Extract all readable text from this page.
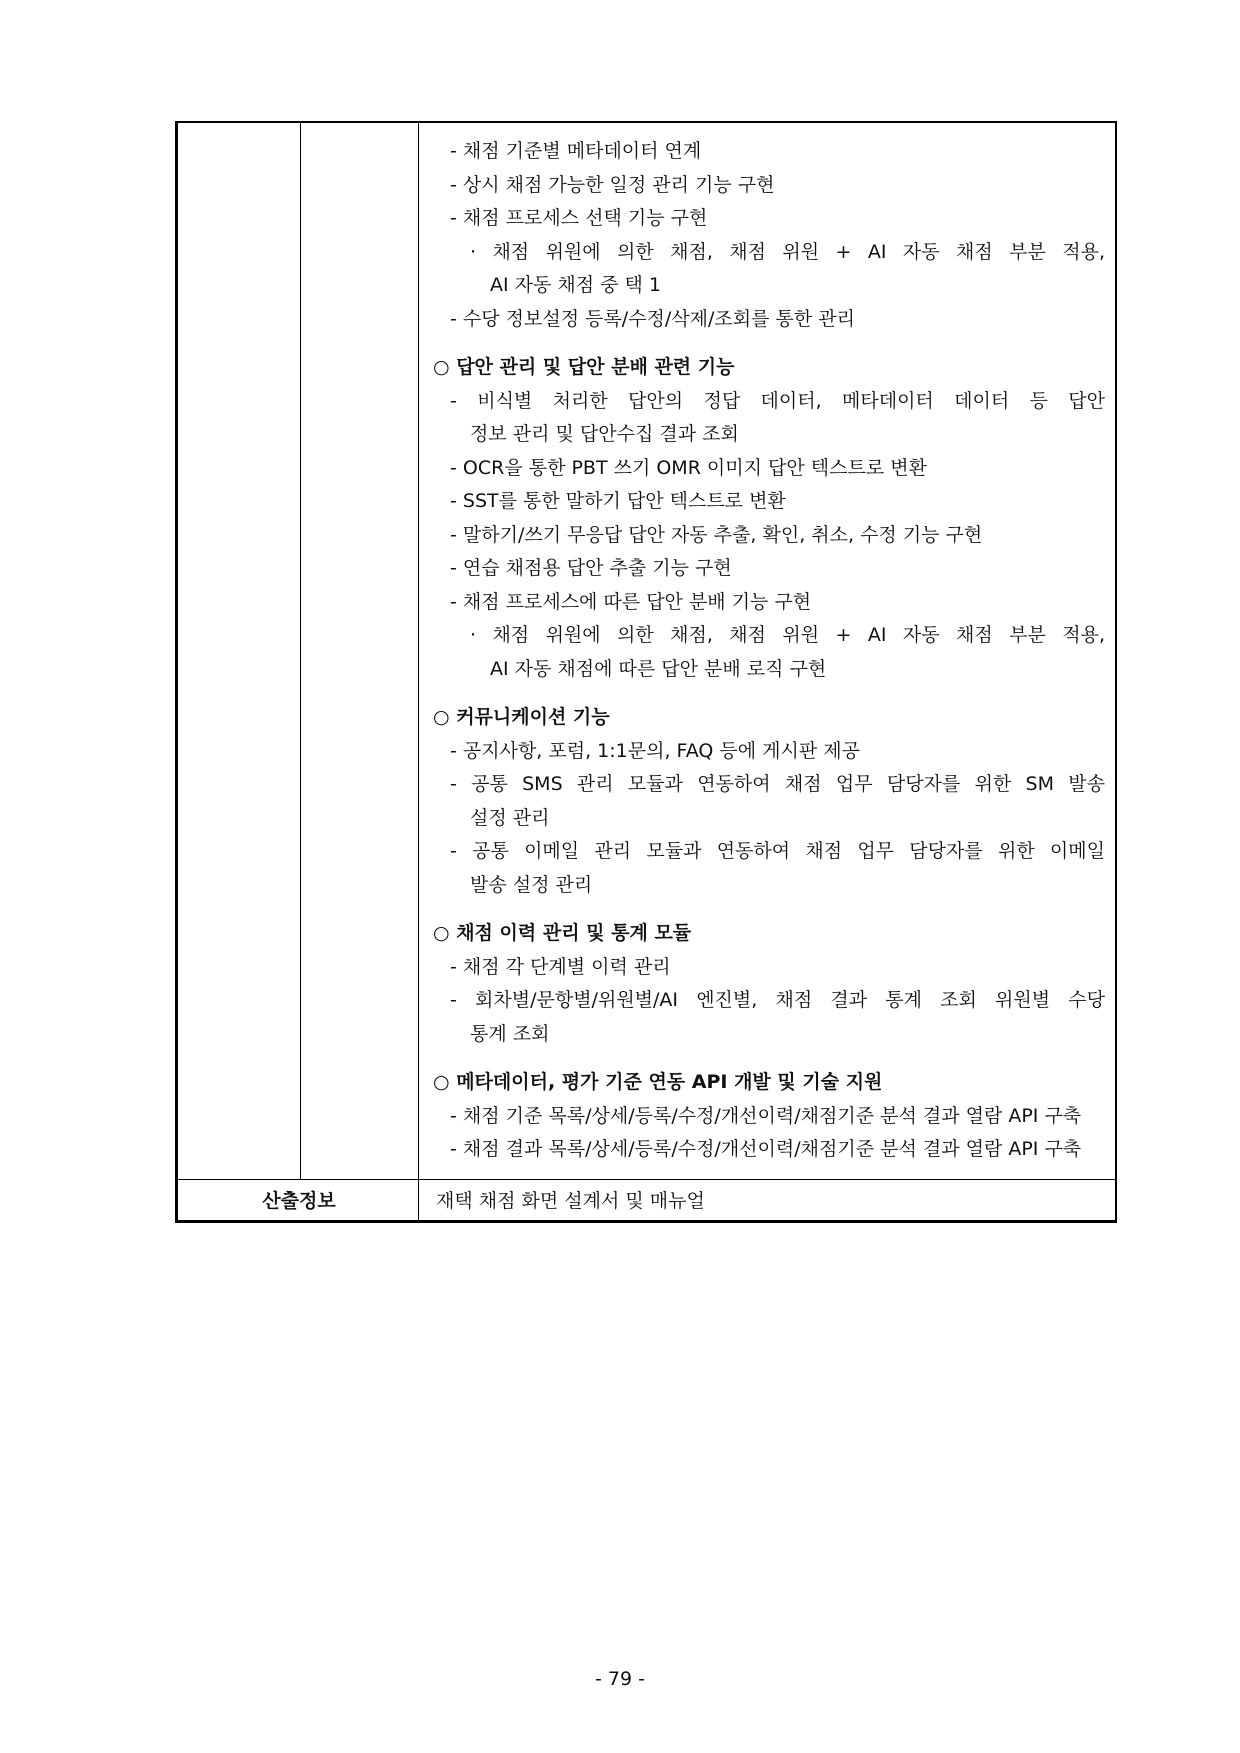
- 채점 기준별 메타데이터 연계
- 상시 채점 가능한 일정 관리 기능 구현
- 채점 프로세스 선택 기능 구현
· 채점 위원에 의한 채점, 채점 위원 + AI 자동 채점 부분 적용,
AI 자동 채점 중 택 1
- 수당 정보설정 등록/수정/삭제/조회를 통한 관리
○ 답안 관리 및 답안 분배 관련 기능
- 비식별 처리한 답안의 정답 데이터, 메타데이터 데이터 등 답안
정보 관리 및 답안수집 결과 조회
- OCR을 통한 PBT 쓰기 OMR 이미지 답안 텍스트로 변환
- SST를 통한 말하기 답안 텍스트로 변환
- 말하기/쓰기 무응답 답안 자동 추출, 확인, 취소, 수정 기능 구현
- 연습 채점용 답안 추출 기능 구현
- 채점 프로세스에 따른 답안 분배 기능 구현
· 채점 위원에 의한 채점, 채점 위원 + AI 자동 채점 부분 적용,
AI 자동 채점에 따른 답안 분배 로직 구현
○ 커뮤니케이션 기능
- 공지사항, 포럼, 1:1문의, FAQ 등에 게시판 제공
- 공통 SMS 관리 모듈과 연동하여 채점 업무 담당자를 위한 SM 발송
설정 관리
- 공통 이메일 관리 모듈과 연동하여 채점 업무 담당자를 위한 이메일
발송 설정 관리
○ 채점 이력 관리 및 통계 모듈
- 채점 각 단계별 이력 관리
- 회차별/문항별/위원별/AI 엔진별, 채점 결과 통계 조회 위원별 수당
통계 조회
○ 메타데이터, 평가 기준 연동 API 개발 및 기술 지원
- 채점 기준 목록/상세/등록/수정/개선이력/채점기준 분석 결과 열람 API 구축
- 채점 결과 목록/상세/등록/수정/개선이력/채점기준 분석 결과 열람 API 구축
산출정보	재택 채점 화면 설계서 및 매뉴얼
- 79 -
